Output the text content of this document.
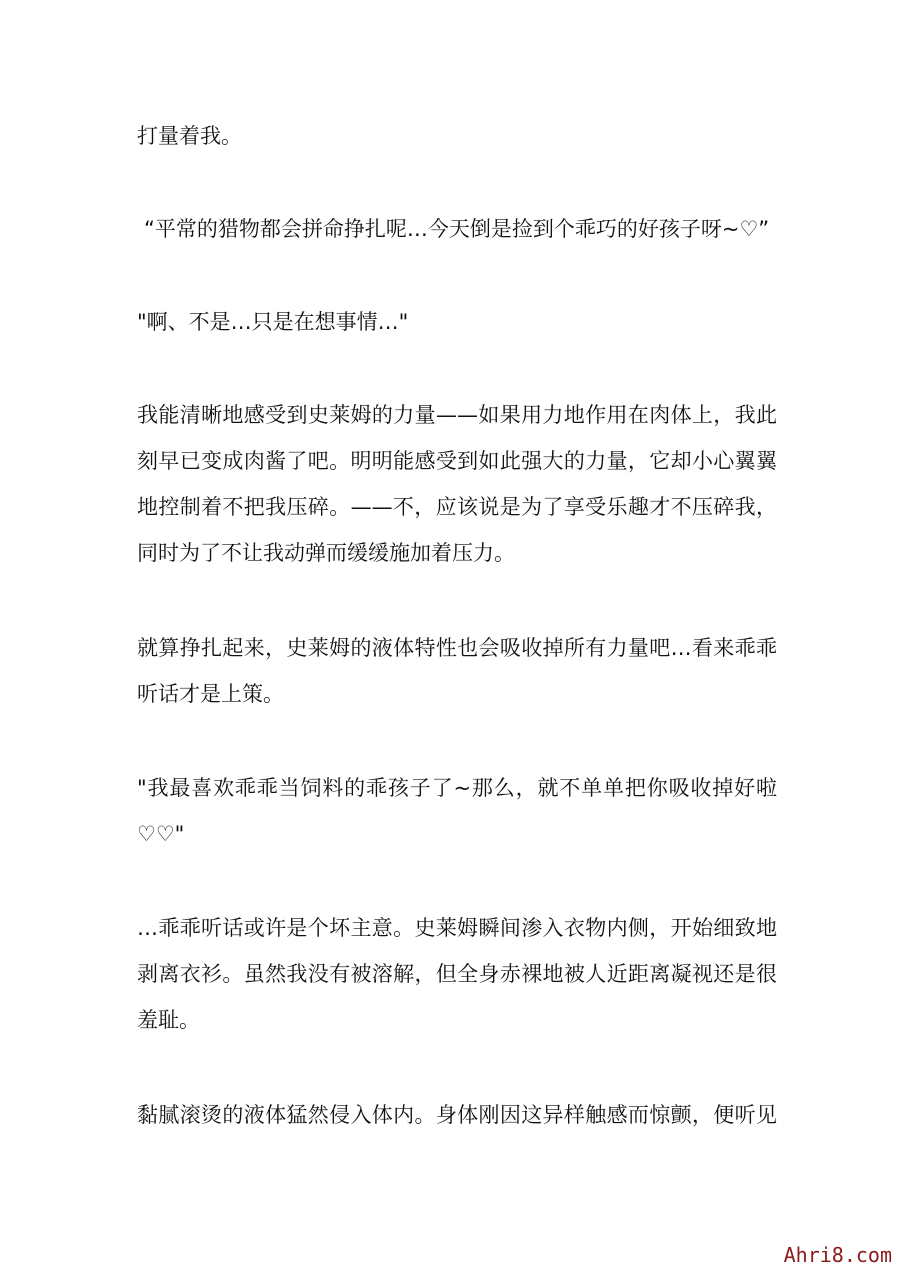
打量着我。
“平常的猎物都会拼命挣扎呢…今天倒是捡到个乖巧的好孩子呀~♡”
"啊、不是…只是在想事情…"
我能清晰地感受到史莱姆的力量——如果用力地作用在肉体上，我此
刻早已变成肉酱了吧。明明能感受到如此强大的力量，它却小心翼翼
地控制着不把我压碎。——不，应该说是为了享受乐趣才不压碎我，
同时为了不让我动弹而缓缓施加着压力。
就算挣扎起来，史莱姆的液体特性也会吸收掉所有力量吧…看来乖乖
听话才是上策。
"我最喜欢乖乖当饲料的乖孩子了~那么，就不单单把你吸收掉好啦
♡♡"
…乖乖听话或许是个坏主意。史莱姆瞬间渗入衣物内侧，开始细致地
剥离衣衫。虽然我没有被溶解，但全身赤裸地被人近距离凝视还是很
羞耻。
黏腻滚烫的液体猛然侵入体内。身体刚因这异样触感而惊颤，便听见
Ahri8.com
